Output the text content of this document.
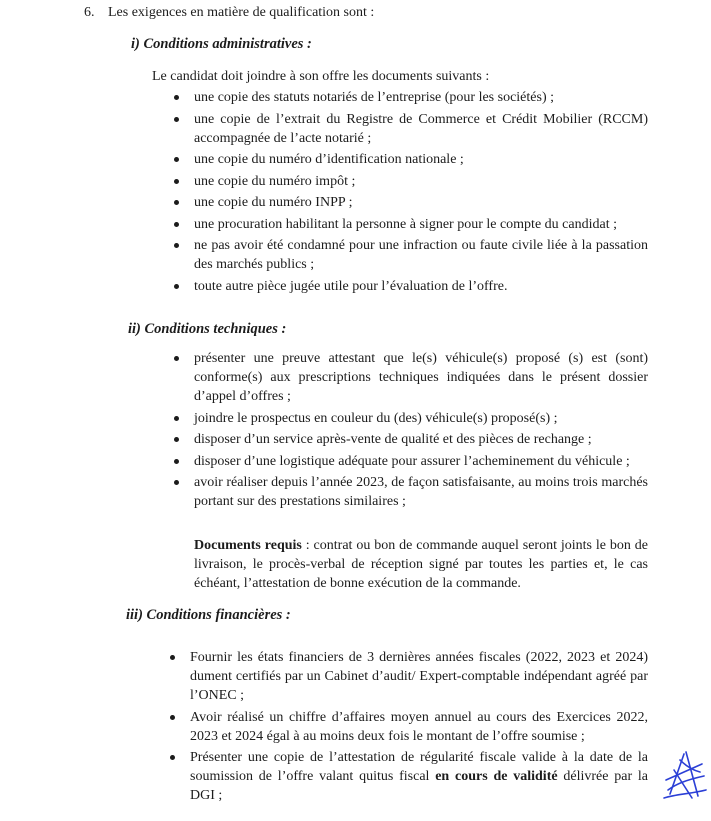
6. Les exigences en matière de qualification sont :
i) Conditions administratives :
Le candidat doit joindre à son offre les documents suivants :
une copie des statuts notariés de l’entreprise (pour les sociétés) ;
une copie de l’extrait du Registre de Commerce et Crédit Mobilier (RCCM) accompagnée de l’acte notarié ;
une copie du numéro d’identification nationale ;
une copie du numéro impôt ;
une copie du numéro INPP ;
une procuration habilitant la personne à signer pour le compte du candidat ;
ne pas avoir été condamné pour une infraction ou faute civile liée à la passation des marchés publics ;
toute autre pièce jugée utile pour l’évaluation de l’offre.
ii) Conditions techniques :
présenter une preuve attestant que le(s) véhicule(s) proposé (s) est (sont) conforme(s) aux prescriptions techniques indiquées dans le présent dossier d’appel d’offres ;
joindre le prospectus en couleur du (des) véhicule(s) proposé(s) ;
disposer d’un service après-vente de qualité et des pièces de rechange ;
disposer d’une logistique adéquate pour assurer l’acheminement du véhicule ;
avoir réaliser depuis l’année 2023, de façon satisfaisante, au moins trois marchés portant sur des prestations similaires ;
Documents requis : contrat ou bon de commande auquel seront joints le bon de livraison, le procès-verbal de réception signé par toutes les parties et, le cas échéant, l’attestation de bonne exécution de la commande.
iii) Conditions financières :
Fournir les états financiers de 3 dernières années fiscales (2022, 2023 et 2024) dument certifiés par un Cabinet d’audit/ Expert-comptable indépendant agréé par l’ONEC ;
Avoir réalisé un chiffre d’affaires moyen annuel au cours des Exercices 2022, 2023 et 2024 égal à au moins deux fois le montant de l’offre soumise ;
Présenter une copie de l’attestation de régularité fiscale valide à la date de la soumission de l’offre valant quitus fiscal en cours de validité délivrée par la DGI ;
